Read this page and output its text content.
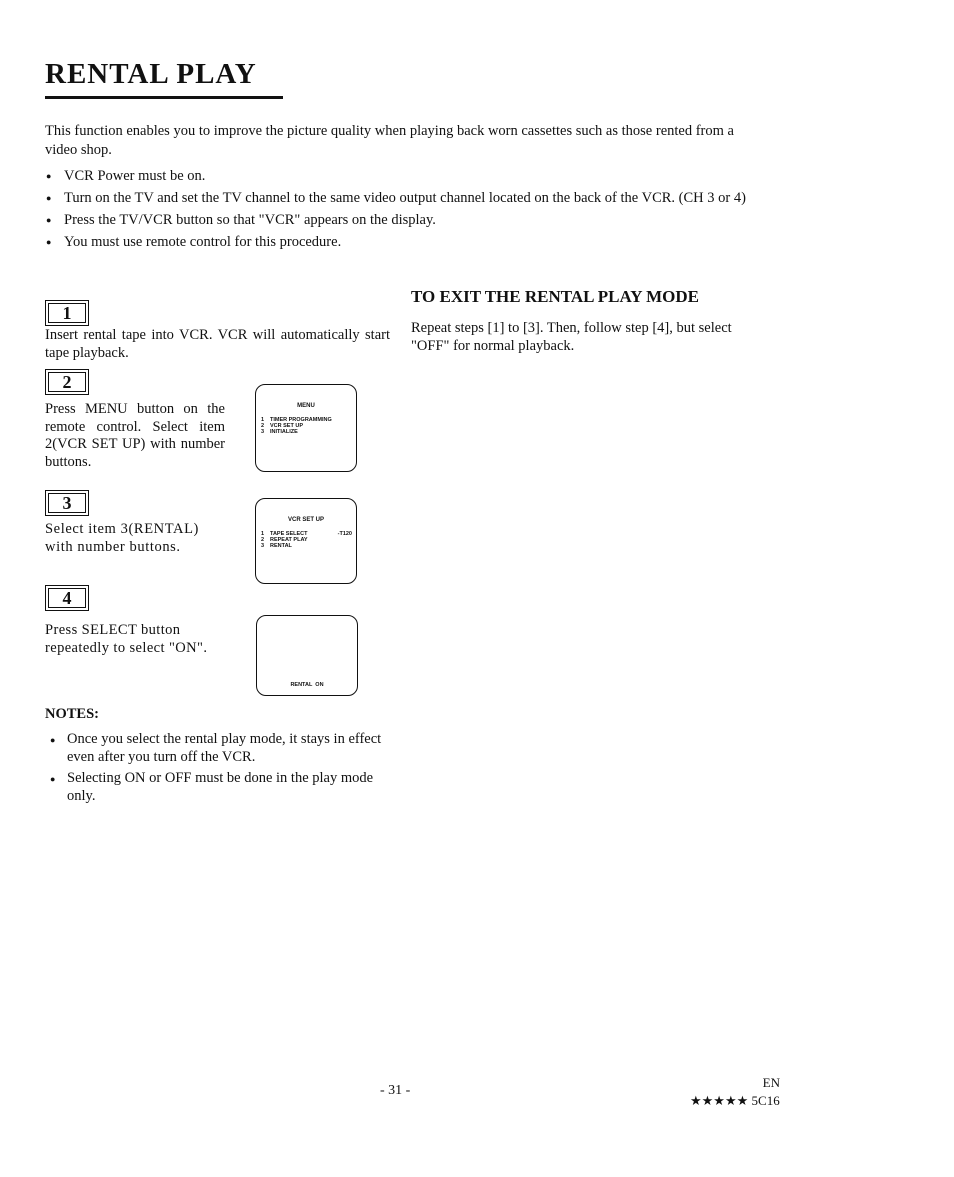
RENTAL PLAY
This function enables you to improve the picture quality when playing back worn cassettes such as those rented from a video shop.
● VCR Power must be on.
● Turn on the TV and set the TV channel to the same video output channel located on the back of the VCR. (CH 3 or 4)
● Press the TV/VCR button so that "VCR" appears on the display.
● You must use remote control for this procedure.
1
Insert rental tape into VCR. VCR will automatically start tape playback.
2
Press MENU button on the remote control. Select item 2(VCR SET UP) with number buttons.
MENU
1 TIMER PROGRAMMING
2 VCR SET UP
3 INITIALIZE
3
Select item 3(RENTAL) with number buttons.
VCR SET UP
1 TAPE SELECT	-T120
2 REPEAT PLAY
3 RENTAL
4
Press SELECT button repeatedly to select "ON".
RENTAL  ON
NOTES:
● Once you select the rental play mode, it stays in effect even after you turn off the VCR.
● Selecting ON or OFF must be done in the play mode only.
TO EXIT THE RENTAL PLAY MODE
Repeat steps [1] to [3]. Then, follow step [4], but select "OFF" for normal playback.
- 31 -
EN
★★★★★ 5C16
